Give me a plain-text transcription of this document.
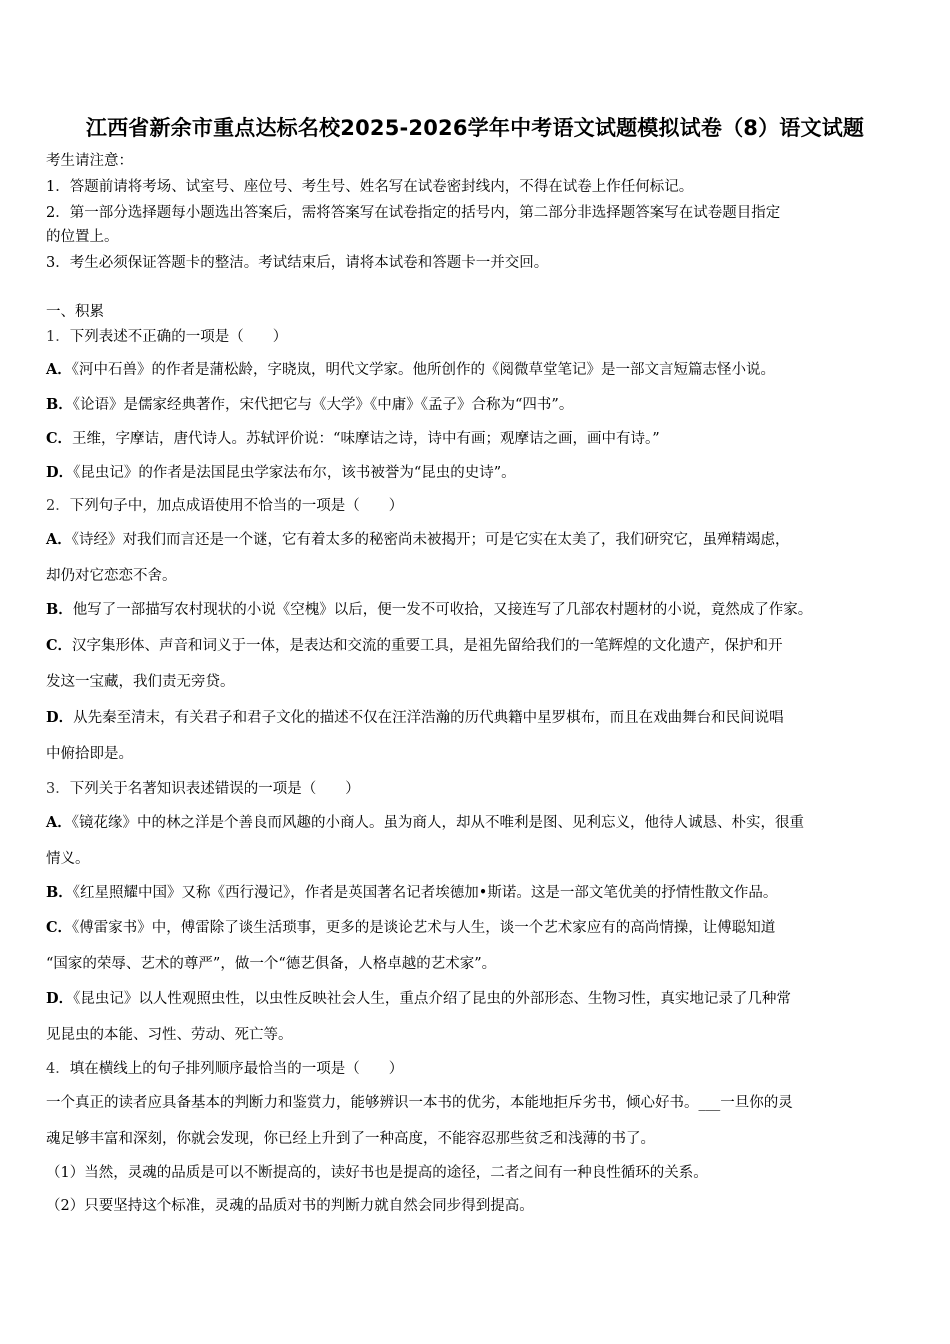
江西省新余市重点达标名校2025-2026学年中考语文试题模拟试卷（8）语文试题
考生请注意：
1．答题前请将考场、试室号、座位号、考生号、姓名写在试卷密封线内，不得在试卷上作任何标记。
2．第一部分选择题每小题选出答案后，需将答案写在试卷指定的括号内，第二部分非选择题答案写在试卷题目指定
的位置上。
3．考生必须保证答题卡的整洁。考试结束后，请将本试卷和答题卡一并交回。
一、积累
1．下列表述不正确的一项是（　　）
A．《河中石兽》的作者是蒲松龄，字晓岚，明代文学家。他所创作的《阅微草堂笔记》是一部文言短篇志怪小说。
B．《论语》是儒家经典著作，宋代把它与《大学》《中庸》《孟子》合称为“四书”。
C．王维，字摩诘，唐代诗人。苏轼评价说：“味摩诘之诗，诗中有画；观摩诘之画，画中有诗。”
D．《昆虫记》的作者是法国昆虫学家法布尔，该书被誉为“昆虫的史诗”。
2．下列句子中，加点成语使用不恰当的一项是（　　）
A．《诗经》对我们而言还是一个谜，它有着太多的秘密尚未被揭开；可是它实在太美了，我们研究它，虽殚精竭虑，
却仍对它恋恋不舍。
B．他写了一部描写农村现状的小说《空槐》以后，便一发不可收拾，又接连写了几部农村题材的小说，竟然成了作家。
C．汉字集形体、声音和词义于一体，是表达和交流的重要工具，是祖先留给我们的一笔辉煌的文化遗产，保护和开
发这一宝藏，我们责无旁贷。
D．从先秦至清末，有关君子和君子文化的描述不仅在汪洋浩瀚的历代典籍中星罗棋布，而且在戏曲舞台和民间说唱
中俯拾即是。
3．下列关于名著知识表述错误的一项是（　　）
A．《镜花缘》中的林之洋是个善良而风趣的小商人。虽为商人，却从不唯利是图、见利忘义，他待人诚恳、朴实，很重
情义。
B．《红星照耀中国》又称《西行漫记》，作者是英国著名记者埃德加•斯诺。这是一部文笔优美的抒情性散文作品。
C．《傅雷家书》中，傅雷除了谈生活琐事，更多的是谈论艺术与人生，谈一个艺术家应有的高尚情操，让傅聪知道
“国家的荣辱、艺术的尊严”，做一个“德艺俱备，人格卓越的艺术家”。
D．《昆虫记》以人性观照虫性，以虫性反映社会人生，重点介绍了昆虫的外部形态、生物习性，真实地记录了几种常
见昆虫的本能、习性、劳动、死亡等。
4．填在横线上的句子排列顺序最恰当的一项是（　　）
一个真正的读者应具备基本的判断力和鉴赏力，能够辨识一本书的优劣，本能地拒斥劣书，倾心好书。___一旦你的灵
魂足够丰富和深刻，你就会发现，你已经上升到了一种高度，不能容忍那些贫乏和浅薄的书了。
（1）当然，灵魂的品质是可以不断提高的，读好书也是提高的途径，二者之间有一种良性循环的关系。
（2）只要坚持这个标准，灵魂的品质对书的判断力就自然会同步得到提高。
